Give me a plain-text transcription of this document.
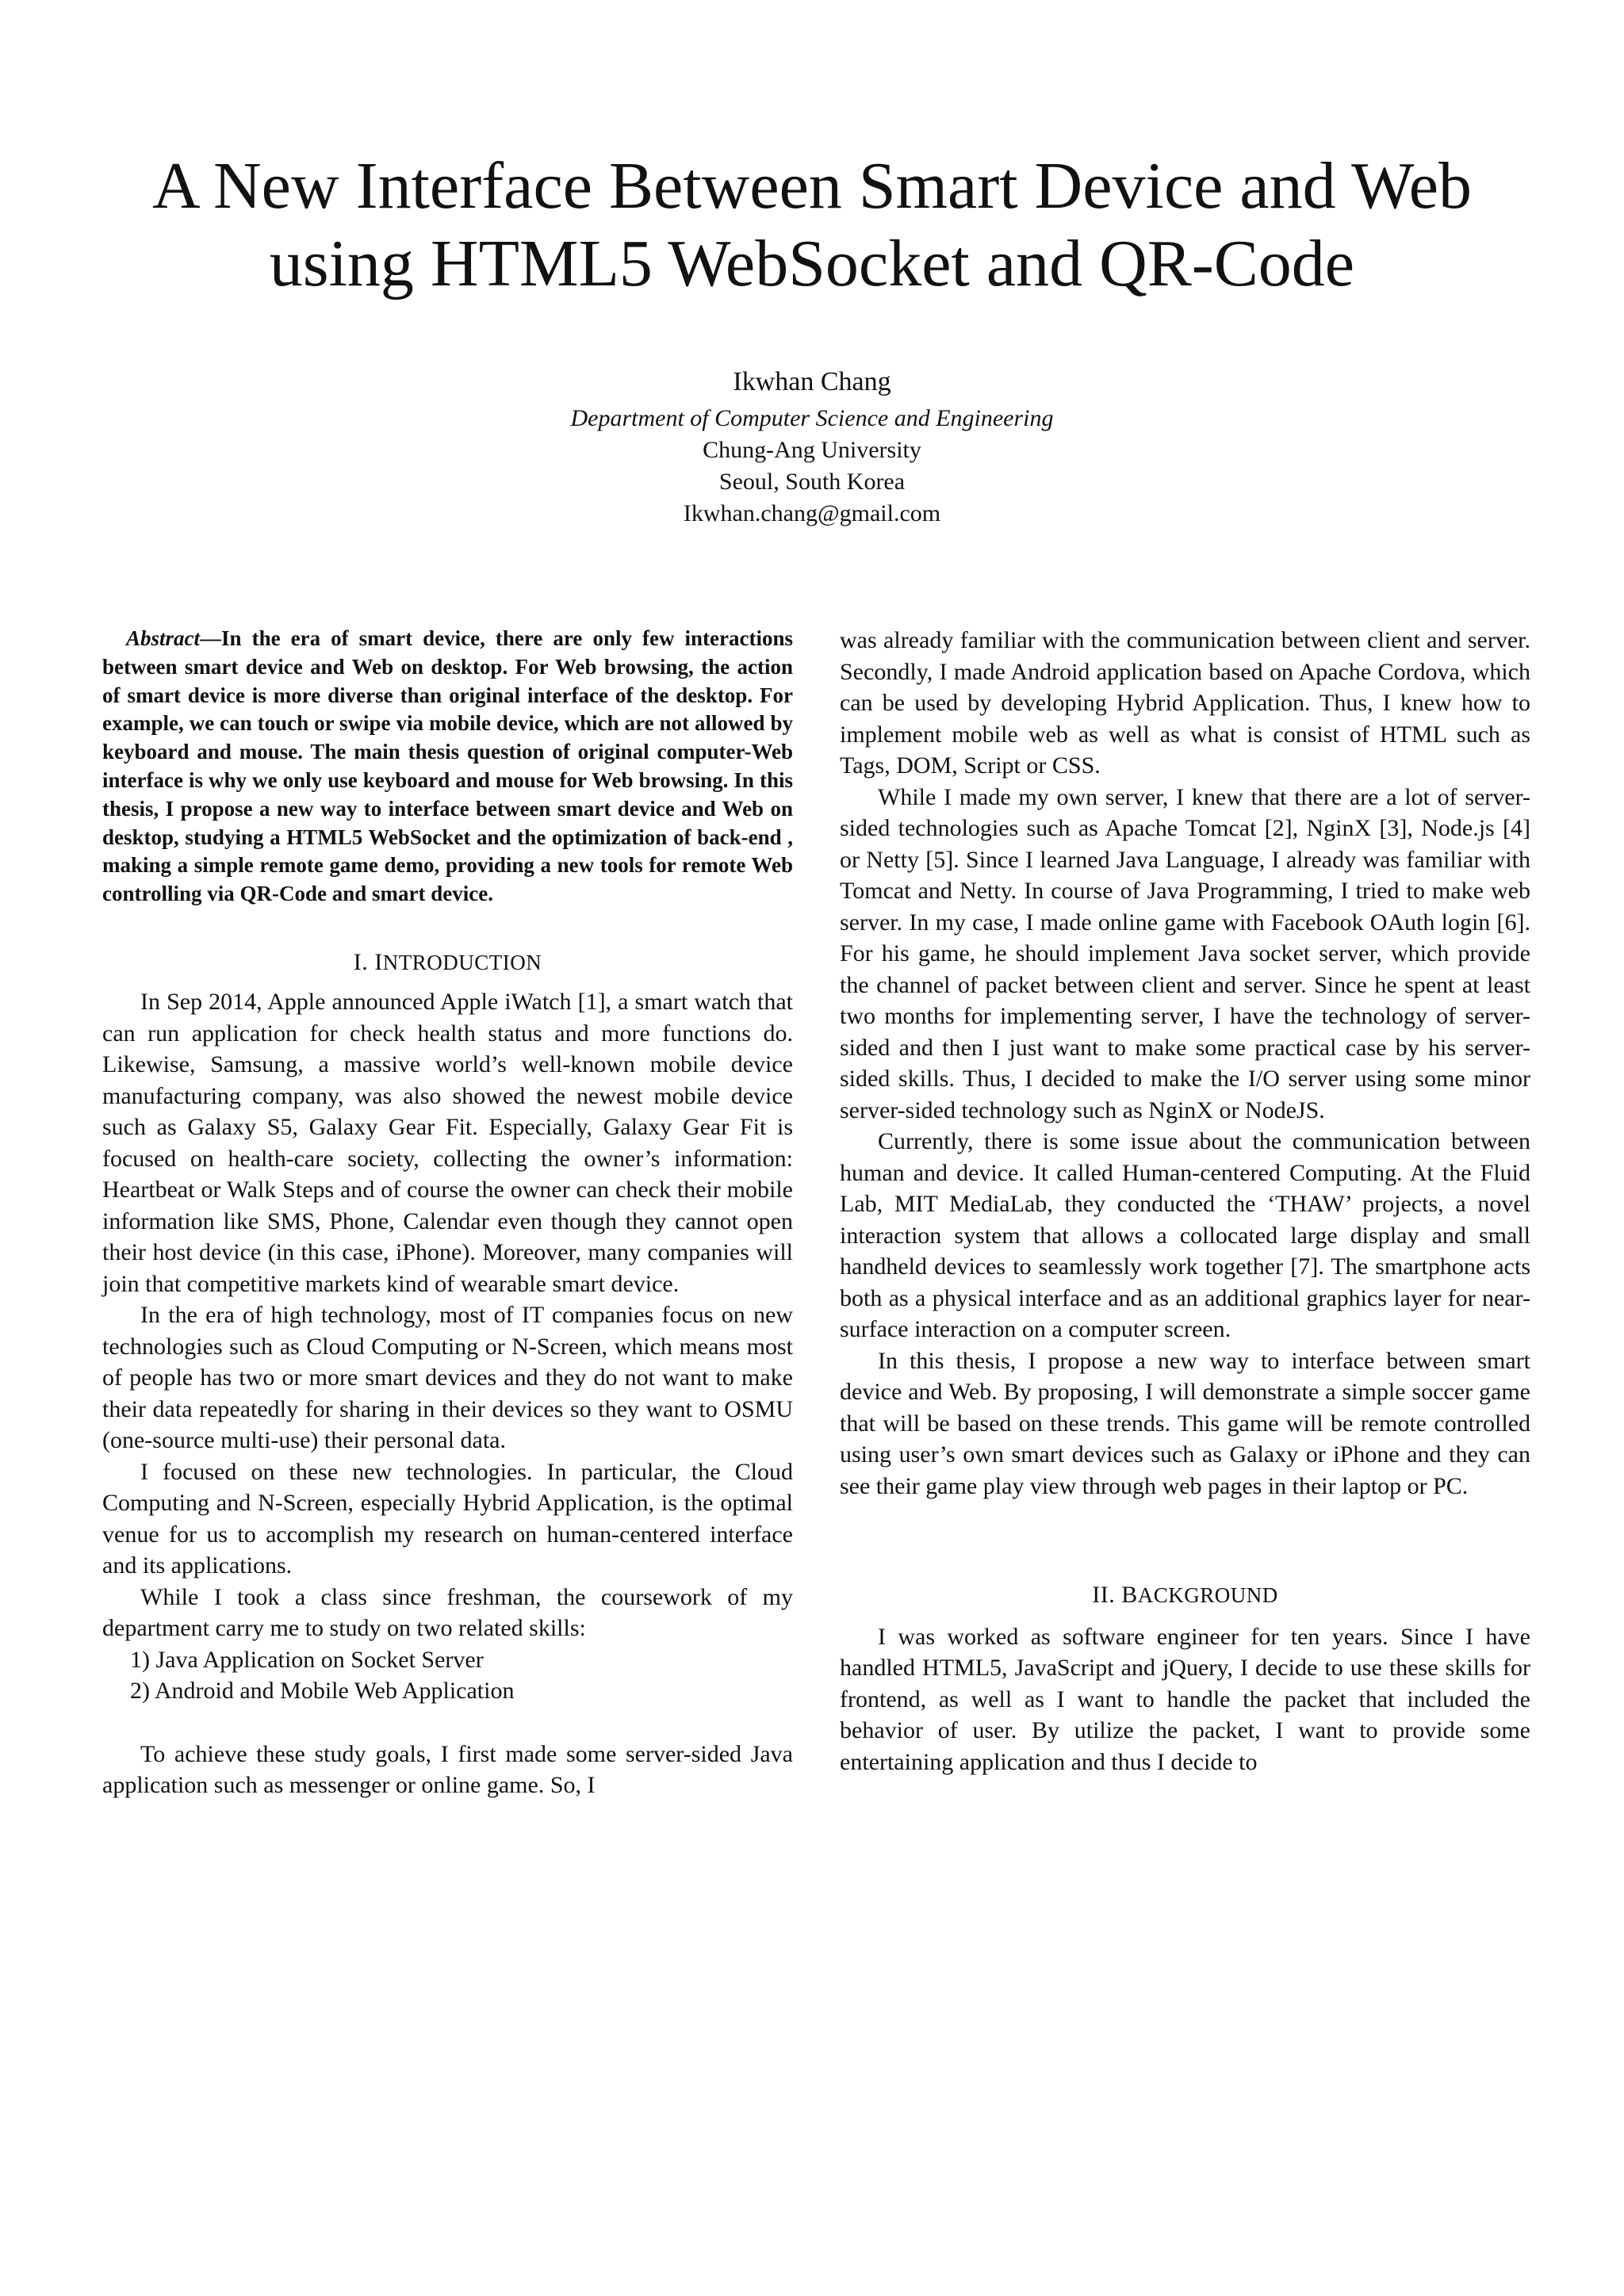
A New Interface Between Smart Device and Web
using HTML5 WebSocket and QR-Code
Ikwhan Chang
Department of Computer Science and Engineering
Chung-Ang University
Seoul, South Korea
Ikwhan.chang@gmail.com

Abstract—In the era of smart device, there are only few interactions between smart device and Web on desktop. For Web browsing, the action of smart device is more diverse than original interface of the desktop. For example, we can touch or swipe via mobile device, which are not allowed by keyboard and mouse. The main thesis question of original computer-Web interface is why we only use keyboard and mouse for Web browsing. In this thesis, I propose a new way to interface between smart device and Web on desktop, studying a HTML5 WebSocket and the optimization of back-end , making a simple remote game demo, providing a new tools for remote Web controlling via QR-Code and smart device.

I. INTRODUCTION

In Sep 2014, Apple announced Apple iWatch [1], a smart watch that can run application for check health status and more functions do. Likewise, Samsung, a massive world’s well-known mobile device manufacturing company, was also showed the newest mobile device such as Galaxy S5, Galaxy Gear Fit. Especially, Galaxy Gear Fit is focused on health-care society, collecting the owner’s information: Heartbeat or Walk Steps and of course the owner can check their mobile information like SMS, Phone, Calendar even though they cannot open their host device (in this case, iPhone). Moreover, many companies will join that competitive markets kind of wearable smart device.

In the era of high technology, most of IT companies focus on new technologies such as Cloud Computing or N-Screen, which means most of people has two or more smart devices and they do not want to make their data repeatedly for sharing in their devices so they want to OSMU (one-source multi-use) their personal data.

I focused on these new technologies. In particular, the Cloud Computing and N-Screen, especially Hybrid Application, is the optimal venue for us to accomplish my research on human-centered interface and its applications.

While I took a class since freshman, the coursework of my department carry me to study on two related skills:

1) Java Application on Socket Server

2) Android and Mobile Web Application

To achieve these study goals, I first made some server-sided Java application such as messenger or online game. So, I

was already familiar with the communication between client and server. Secondly, I made Android application based on Apache Cordova, which can be used by developing Hybrid Application. Thus, I knew how to implement mobile web as well as what is consist of HTML such as Tags, DOM, Script or CSS.

While I made my own server, I knew that there are a lot of server-sided technologies such as Apache Tomcat [2], NginX [3], Node.js [4] or Netty [5]. Since I learned Java Language, I already was familiar with Tomcat and Netty. In course of Java Programming, I tried to make web server. In my case, I made online game with Facebook OAuth login [6]. For his game, he should implement Java socket server, which provide the channel of packet between client and server. Since he spent at least two months for implementing server, I have the technology of server-sided and then I just want to make some practical case by his server-sided skills. Thus, I decided to make the I/O server using some minor server-sided technology such as NginX or NodeJS.

Currently, there is some issue about the communication between human and device. It called Human-centered Computing. At the Fluid Lab, MIT MediaLab, they conducted the ‘THAW’ projects, a novel interaction system that allows a collocated large display and small handheld devices to seamlessly work together [7]. The smartphone acts both as a physical interface and as an additional graphics layer for near-surface interaction on a computer screen.

In this thesis, I propose a new way to interface between smart device and Web. By proposing, I will demonstrate a simple soccer game that will be based on these trends. This game will be remote controlled using user’s own smart devices such as Galaxy or iPhone and they can see their game play view through web pages in their laptop or PC.

II. BACKGROUND

I was worked as software engineer for ten years. Since I have handled HTML5, JavaScript and jQuery, I decide to use these skills for frontend, as well as I want to handle the packet that included the behavior of user. By utilize the packet, I want to provide some entertaining application and thus I decide to
